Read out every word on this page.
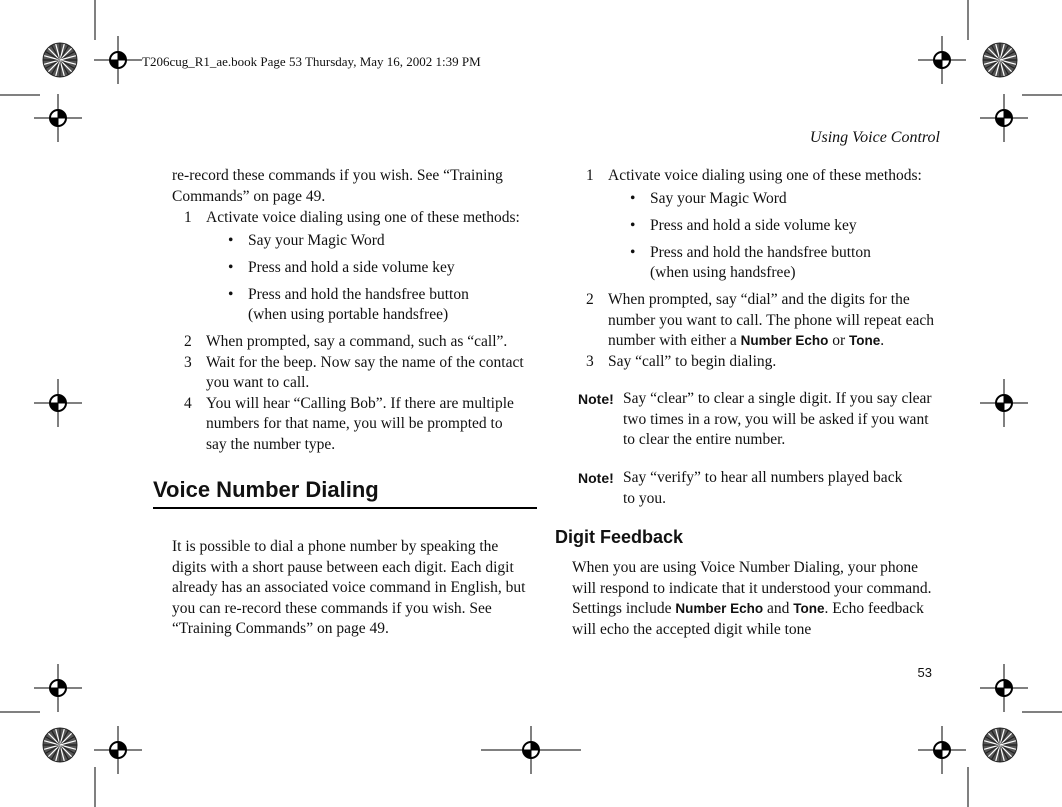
T206cug_R1_ae.book Page 53 Thursday, May 16, 2002 1:39 PM
Using Voice Control
53

re-record these commands if you wish. See “Training
Commands” on page 49.

1 Activate voice dialing using one of these methods:
• Say your Magic Word
• Press and hold a side volume key
• Press and hold the handsfree button
(when using portable handsfree)
2 When prompted, say a command, such as “call”.
3 Wait for the beep. Now say the name of the contact you want to call.
4 You will hear “Calling Bob”. If there are multiple numbers for that name, you will be prompted to say the number type.
Voice Number Dialing

It is possible to dial a phone number by speaking the digits with a short pause between each digit. Each digit already has an associated voice command in English, but you can re-record these commands if you wish. See “Training Commands” on page 49.

1 Activate voice dialing using one of these methods:
• Say your Magic Word
• Press and hold a side volume key
• Press and hold the handsfree button
(when using handsfree)
2 When prompted, say “dial” and the digits for the number you want to call. The phone will repeat each number with either a Number Echo or Tone.
3 Say “call” to begin dialing.
Note! Say “clear” to clear a single digit. If you say clear two times in a row, you will be asked if you want to clear the entire number.
Note! Say “verify” to hear all numbers played back
to you.
Digit Feedback

When you are using Voice Number Dialing, your phone will respond to indicate that it understood your command. Settings include Number Echo and Tone. Echo feedback will echo the accepted digit while tone
